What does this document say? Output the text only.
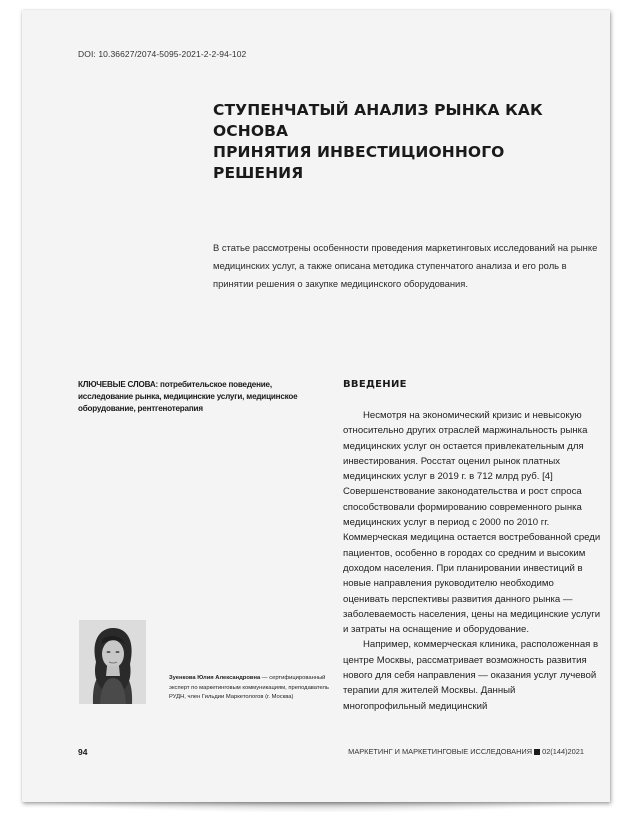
DOI: 10.36627/2074-5095-2021-2-2-94-102
СТУПЕНЧАТЫЙ АНАЛИЗ РЫНКА КАК ОСНОВА
ПРИНЯТИЯ ИНВЕСТИЦИОННОГО РЕШЕНИЯ

В статье рассмотрены особенности проведения маркетинговых исследований на рынке медицинских услуг, а также описана методика ступенчатого анализа и его роль в принятии решения о закупке медицинского оборудования.

КЛЮЧЕВЫЕ СЛОВА: потребительское поведение, исследование рынка, медицинские услуги, медицинское оборудование, рентгенотерапия

ВВЕДЕНИЕ

Несмотря на экономический кризис и невысокую относительно других отраслей маржинальность рынка медицинских услуг он остается привлекательным для инвестирования. Росстат оценил рынок платных медицинских услуг в 2019 г. в 712 млрд руб. [4] Совершенствование законодательства и рост спроса способствовали формированию современного рынка медицинских услуг в период с 2000 по 2010 гг. Коммерческая медицина остается востребованной среди пациентов, особенно в городах со средним и высоким доходом населения. При планировании инвестиций в новые направления руководителю необходимо оценивать перспективы развития данного рынка — заболеваемость населения, цены на медицинские услуги и затраты на оснащение и оборудование.

Например, коммерческая клиника, расположенная в центре Москвы, рассматривает возможность развития нового для себя направления — оказания услуг лучевой терапии для жителей Москвы. Данный многопрофильный медицинский

Зуенкова Юлия Александровна — сертифицированный эксперт по маркетинговым коммуникациям, преподаватель РУДН, член Гильдии Маркетологов (г. Москва)

94	МАРКЕТИНГ И МАРКЕТИНГОВЫЕ ИССЛЕДОВАНИЯ 02(144)2021
